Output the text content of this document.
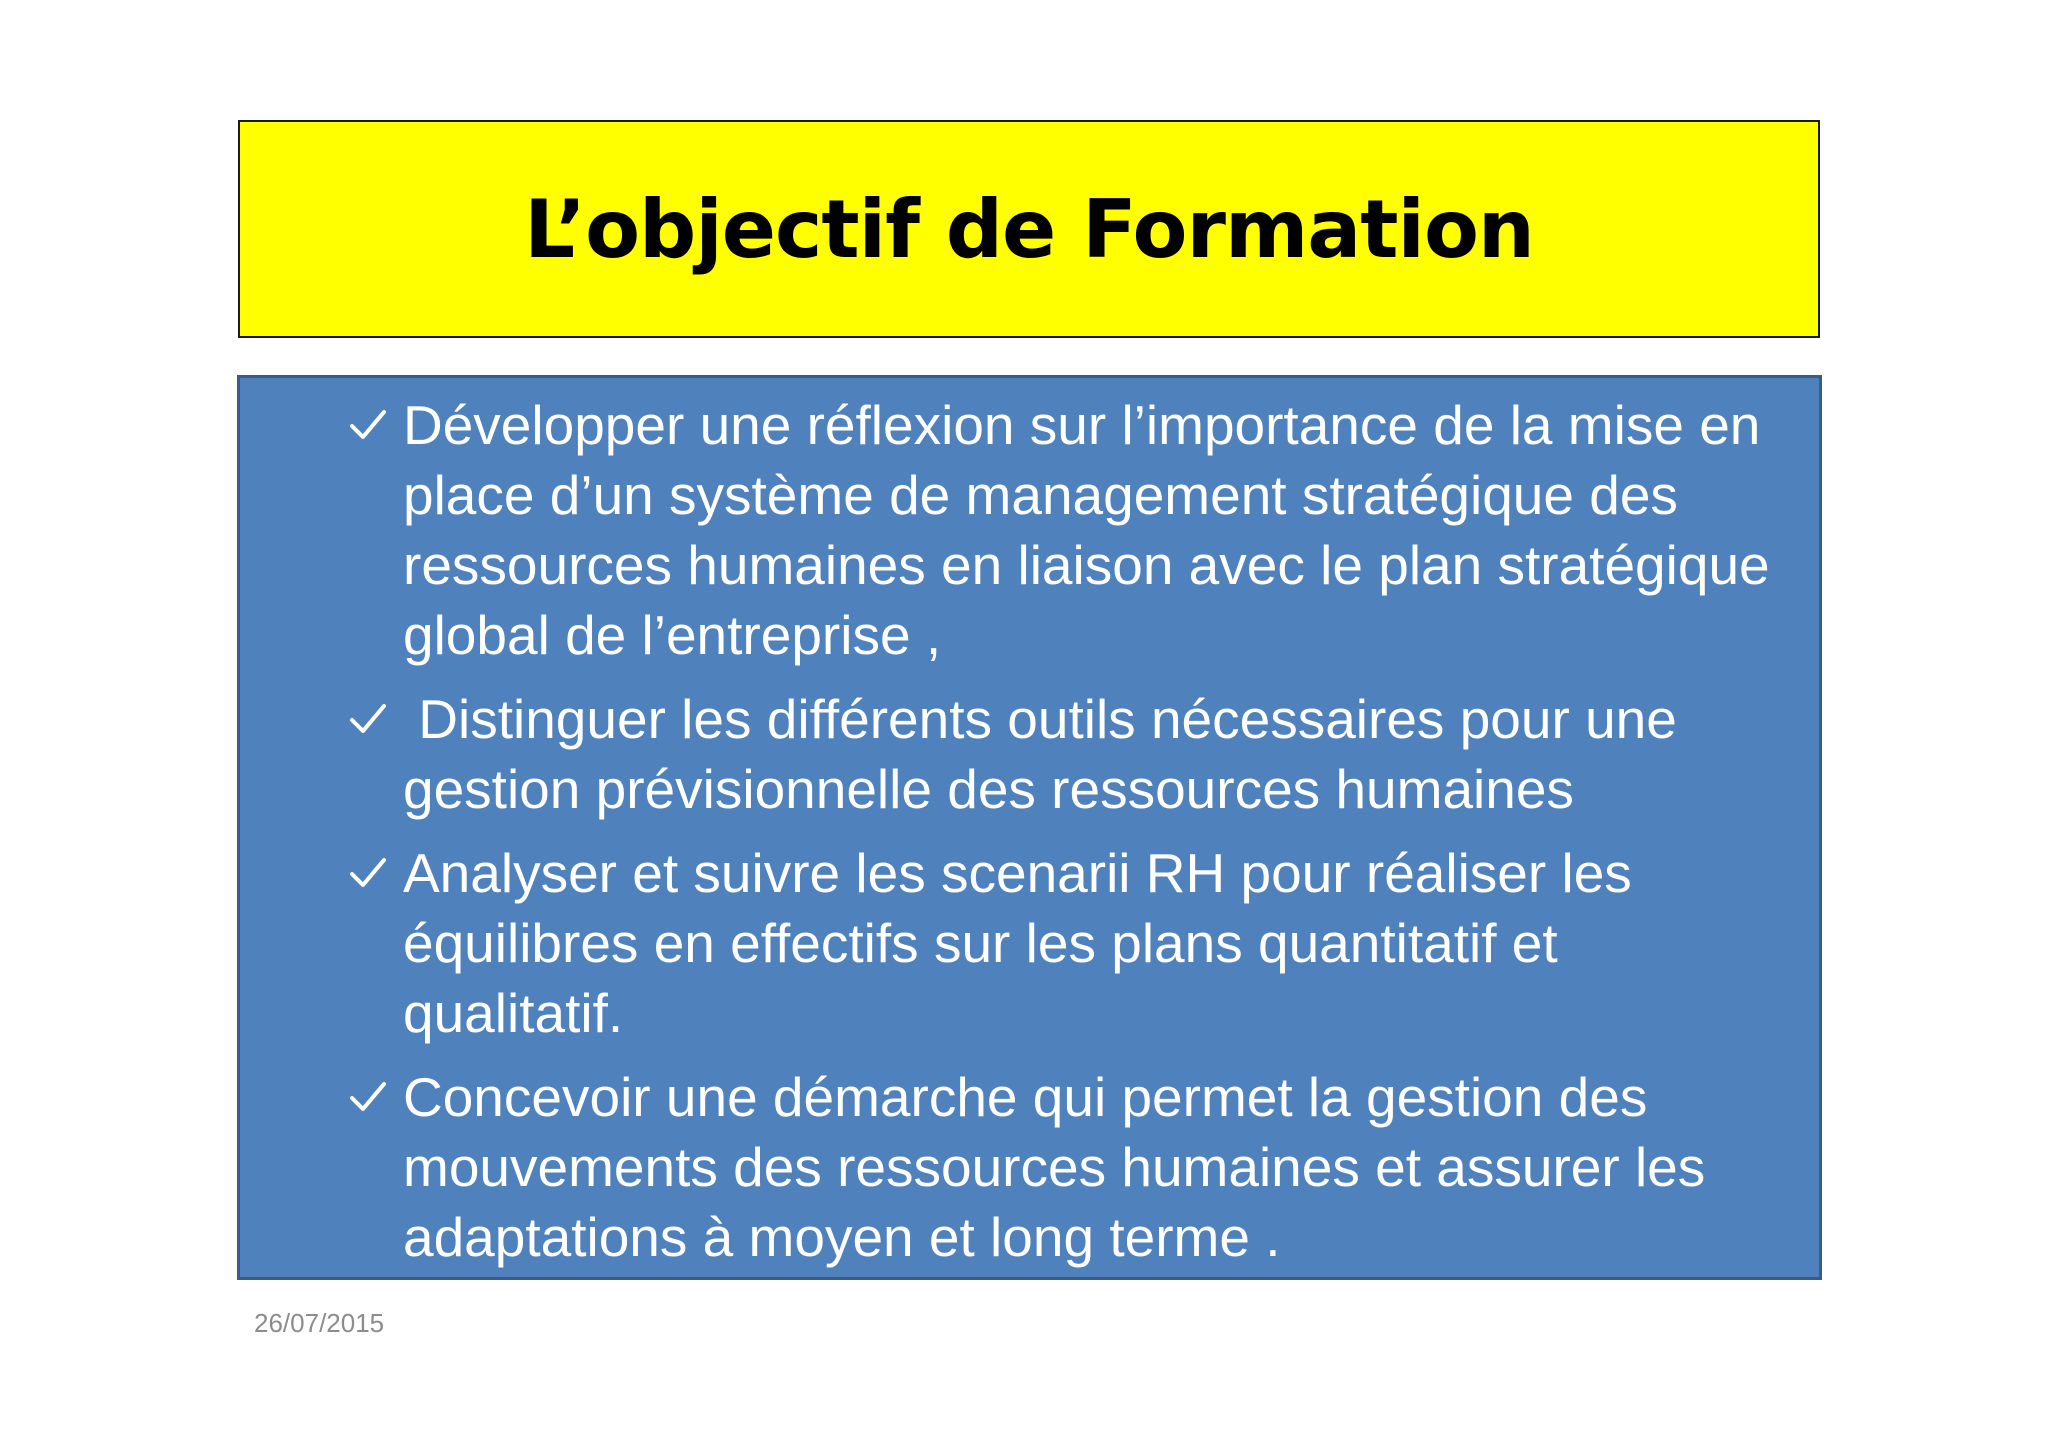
L’objectif de Formation
Développer une réflexion sur l’importance de la mise en place d’un système de management stratégique des ressources humaines en liaison avec le plan stratégique global de l’entreprise ,
Distinguer les différents outils nécessaires pour une gestion prévisionnelle des ressources humaines
Analyser et suivre les scenarii RH pour réaliser les équilibres en effectifs sur les plans quantitatif et qualitatif.
Concevoir une démarche qui permet la gestion des mouvements des ressources humaines et assurer les adaptations à moyen et long terme .
26/07/2015
